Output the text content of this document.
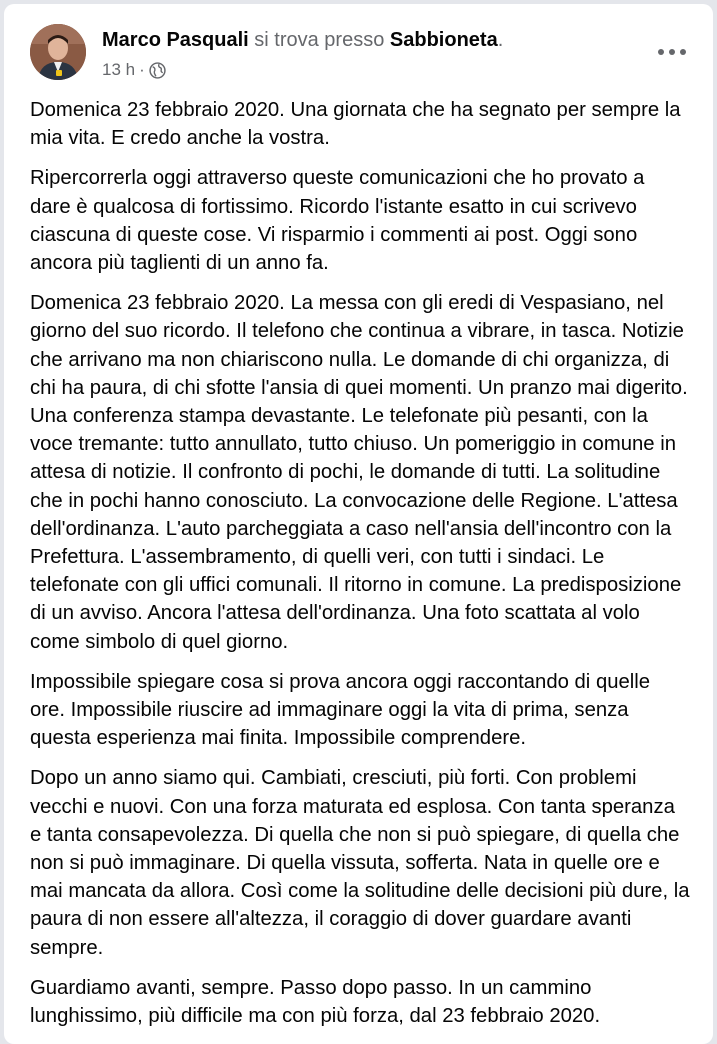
Marco Pasquali si trova presso Sabbioneta.
13 h ·

Domenica 23 febbraio 2020. Una giornata che ha segnato per sempre la mia vita. E credo anche la vostra.

Ripercorrerla oggi attraverso queste comunicazioni che ho provato a dare è qualcosa di fortissimo. Ricordo l'istante esatto in cui scrivevo ciascuna di queste cose. Vi risparmio i commenti ai post. Oggi sono ancora più taglienti di un anno fa.

Domenica 23 febbraio 2020. La messa con gli eredi di Vespasiano, nel giorno del suo ricordo. Il telefono che continua a vibrare, in tasca. Notizie che arrivano ma non chiariscono nulla. Le domande di chi organizza, di chi ha paura, di chi sfotte l'ansia di quei momenti. Un pranzo mai digerito. Una conferenza stampa devastante. Le telefonate più pesanti, con la voce tremante: tutto annullato, tutto chiuso. Un pomeriggio in comune in attesa di notizie. Il confronto di pochi, le domande di tutti. La solitudine che in pochi hanno conosciuto. La convocazione delle Regione. L'attesa dell'ordinanza. L'auto parcheggiata a caso nell'ansia dell'incontro con la Prefettura. L'assembramento, di quelli veri, con tutti i sindaci. Le telefonate con gli uffici comunali. Il ritorno in comune. La predisposizione di un avviso. Ancora l'attesa dell'ordinanza. Una foto scattata al volo come simbolo di quel giorno.

Impossibile spiegare cosa si prova ancora oggi raccontando di quelle ore. Impossibile riuscire ad immaginare oggi la vita di prima, senza questa esperienza mai finita. Impossibile comprendere.

Dopo un anno siamo qui. Cambiati, cresciuti, più forti. Con problemi vecchi e nuovi. Con una forza maturata ed esplosa. Con tanta speranza e tanta consapevolezza. Di quella che non si può spiegare, di quella che non si può immaginare. Di quella vissuta, sofferta. Nata in quelle ore e mai mancata da allora. Così come la solitudine delle decisioni più dure, la paura di non essere all'altezza, il coraggio di dover guardare avanti sempre.

Guardiamo avanti, sempre. Passo dopo passo. In un cammino lunghissimo, più difficile ma con più forza, dal 23 febbraio 2020.
